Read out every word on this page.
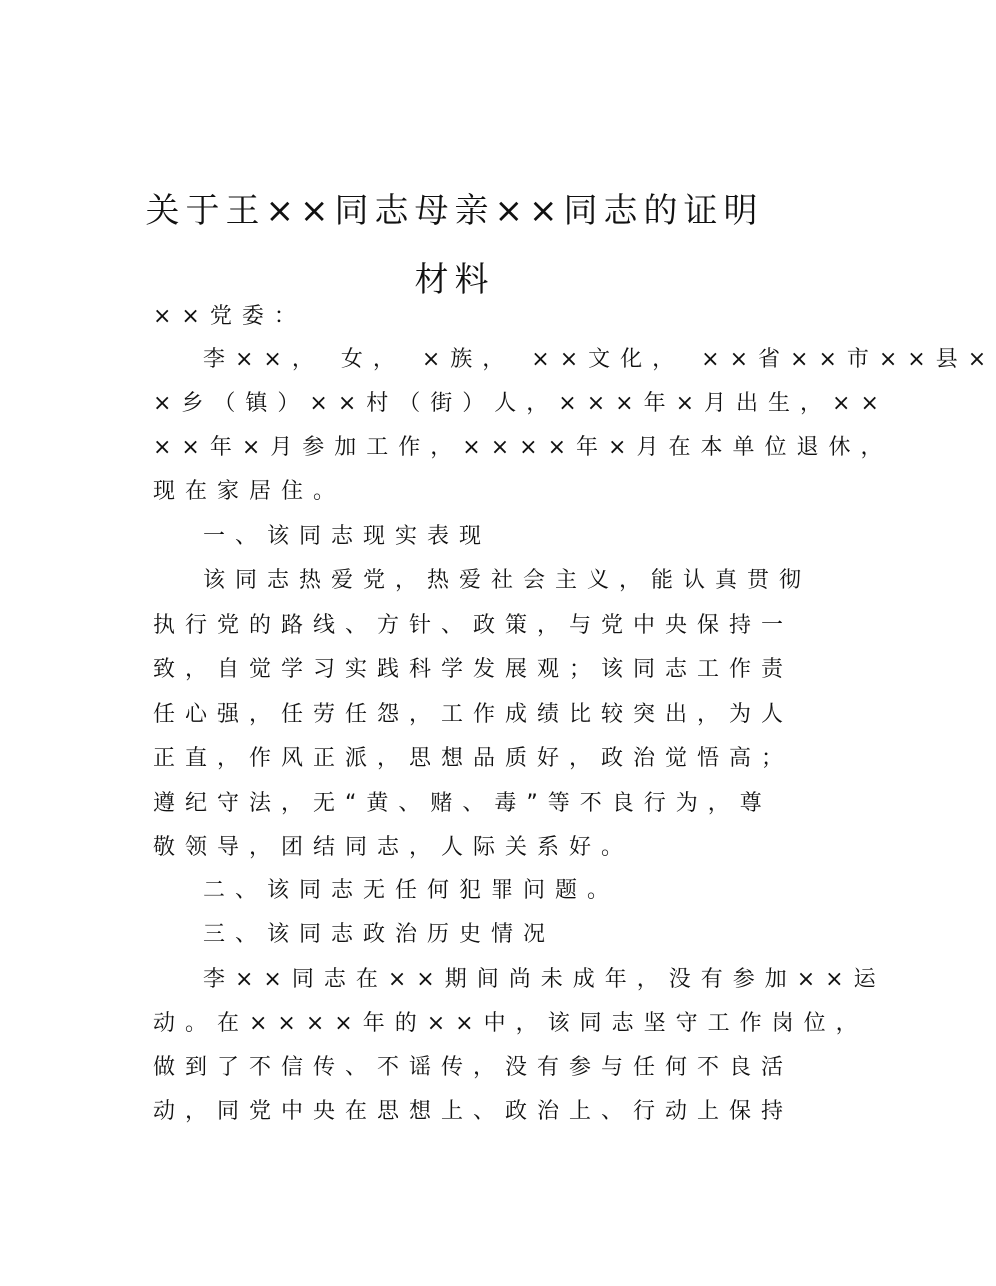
关于王××同志母亲××同志的证明
材料

××党委：

李××， 女， ×族， ××文化， ××省××市××县×

×乡（镇）××村（街）人，×××年×月出生，××

××年×月参加工作，××××年×月在本单位退休，

现在家居住。

一、该同志现实表现

该同志热爱党，热爱社会主义，能认真贯彻

执行党的路线、方针、政策，与党中央保持一

致，自觉学习实践科学发展观；该同志工作责

任心强，任劳任怨，工作成绩比较突出，为人

正直，作风正派，思想品质好，政治觉悟高；

遵纪守法，无“黄、赌、毒”等不良行为，尊

敬领导，团结同志，人际关系好。

二、该同志无任何犯罪问题。

三、该同志政治历史情况

李××同志在××期间尚未成年，没有参加××运

动。在××××年的××中，该同志坚守工作岗位，

做到了不信传、不谣传，没有参与任何不良活

动，同党中央在思想上、政治上、行动上保持
